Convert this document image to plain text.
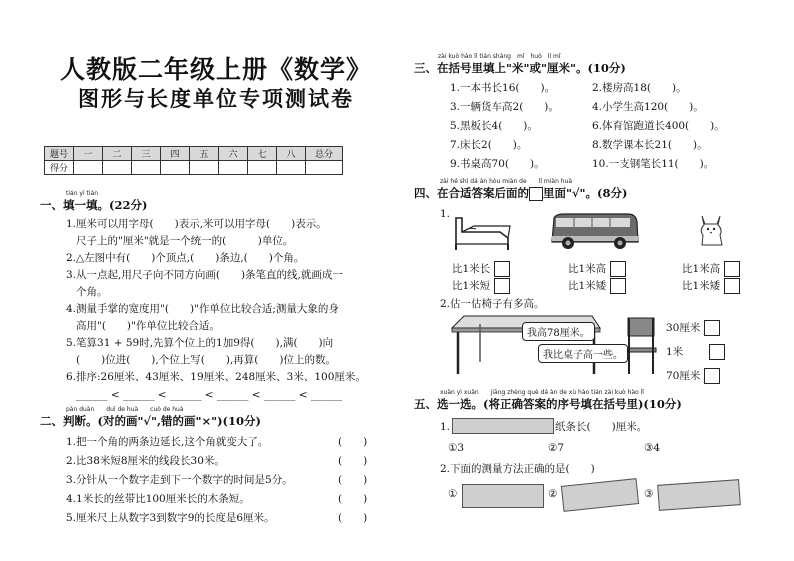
人教版二年级上册《数学》
图形与长度单位专项测试卷
题号	一	二	三	四	五	六	七	八	总分
得分									
tián yì tián
一、填一填。(22分)
1.厘米可以用字母(　　)表示,米可以用字母(　　)表示。
尺子上的"厘米"就是一个统一的(　　　)单位。
2.△左图中有(　　)个顶点,(　　)条边,(　　)个角。
3.从一点起,用尺子向不同方向画(　　)条笔直的线,就画成一
个角。
4.测量手掌的宽度用"(　　)"作单位比较合适;测量大象的身
高用"(　　)"作单位比较合适。
5.笔算31 + 59时,先算个位上的1加9得(　　),满(　　)向
(　　)位进(　　),个位上写(　　),再算(　　)位上的数。
6.排序:26厘米、43厘米、19厘米、248厘米、3米、100厘米。
______ < ______ < ______ < ______ < ______ < ______
pàn duàn　　duì de huà　　cuò de huà
二、判断。(对的画"√",错的画"×")(10分)
1.把一个角的两条边延长,这个角就变大了。
2.比38米短8厘米的线段长30米。
3.分针从一个数字走到下一个数字的时间是5分。
4.1米长的丝带比100厘米长的木条短。
5.厘米尺上从数字3到数字9的长度是6厘米。
(　　)
(　　)
(　　)
(　　)
(　　)
zài kuò hào lǐ tián shàng　mǐ　huò　lí mǐ
三、在括号里填上"米"或"厘米"。(10分)
1.一本书长16(　　)。
3.一辆货车高2(　　)。
5.黑板长4(　　)。
7.床长2(　　)。
9.书桌高70(　　)。
2.楼房高18(　　)。
4.小学生高120(　　)。
6.体育馆跑道长400(　　)。
8.数学课本长21(　　)。
10.一支钢笔长11(　　)。
zài hé shì dá àn hòu miàn de　　lǐ miàn huà
四、在合适答案后面的 里面"√"。(8分)
1.
比1米长
比1米短
比1米高
比1米矮
比1米高
比1米矮
2.估一估椅子有多高。
我高78厘米。
我比桌子高一些。
30厘米
1米
70厘米
xuǎn yì xuǎn　　jiāng zhèng què dá àn de xù hào tián zài kuò hào lǐ
五、选一选。(将正确答案的序号填在括号里)(10分)
1.	纸条长(　　)厘米。
①3	②7	③4
2.下面的测量方法正确的是(　　)
①	②	③
